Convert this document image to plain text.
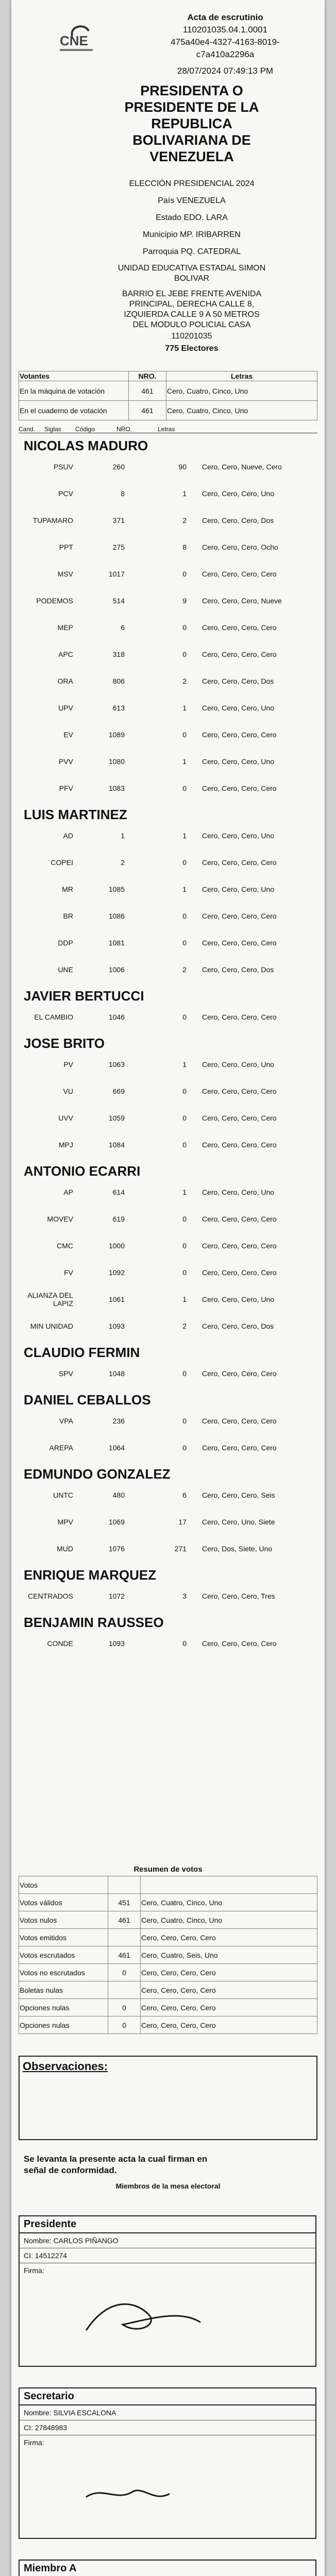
CNE
Acta de escrutinio
110201035.04.1.0001
475a40e4-4327-4163-8019-
c7a410a2296a
28/07/2024 07:49:13 PM
PRESIDENTA O
PRESIDENTE DE LA
REPUBLICA
BOLIVARIANA DE
VENEZUELA
ELECCIÓN PRESIDENCIAL 2024
País VENEZUELA
Estado EDO. LARA
Municipio MP. IRIBARREN
Parroquia PQ. CATEDRAL
UNIDAD EDUCATIVA ESTADAL SIMON
BOLIVAR
BARRIO EL JEBE FRENTE AVENIDA
PRINCIPAL, DERECHA CALLE 8,
IZQUIERDA CALLE 9 A 50 METROS
DEL MODULO POLICIAL CASA
110201035
775 Electores
Votantes	NRO.	Letras
En la máquina de votación	461	Cero, Cuatro, Cinco, Uno
En el cuaderno de votación	461	Cero, Cuatro, Cinco, Uno
Cand.	Siglas	Código	NRO.	Letras
NICOLAS MADURO
PSUV	260	90	Cero, Cero, Nueve, Cero
PCV	8	1	Cero, Cero, Cero, Uno
TUPAMARO	371	2	Cero, Cero, Cero, Dos
PPT	275	8	Cero, Cero, Cero, Ocho
MSV	1017	0	Cero, Cero, Cero, Cero
PODEMOS	514	9	Cero, Cero, Cero, Nueve
MEP	6	0	Cero, Cero, Cero, Cero
APC	318	0	Cero, Cero, Cero, Cero
ORA	806	2	Cero, Cero, Cero, Dos
UPV	613	1	Cero, Cero, Cero, Uno
EV	1089	0	Cero, Cero, Cero, Cero
PVV	1080	1	Cero, Cero, Cero, Uno
PFV	1083	0	Cero, Cero, Cero, Cero
LUIS MARTINEZ
AD	1	1	Cero, Cero, Cero, Uno
COPEI	2	0	Cero, Cero, Cero, Cero
MR	1085	1	Cero, Cero, Cero, Uno
BR	1086	0	Cero, Cero, Cero, Cero
DDP	1081	0	Cero, Cero, Cero, Cero
UNE	1006	2	Cero, Cero, Cero, Dos
JAVIER BERTUCCI
EL CAMBIO	1046	0	Cero, Cero, Cero, Cero
JOSE BRITO
PV	1063	1	Cero, Cero, Cero, Uno
VU	669	0	Cero, Cero, Cero, Cero
UVV	1059	0	Cero, Cero, Cero, Cero
MPJ	1084	0	Cero, Cero, Cero, Cero
ANTONIO ECARRI
AP	614	1	Cero, Cero, Cero, Uno
MOVEV	619	0	Cero, Cero, Cero, Cero
CMC	1000	0	Cero, Cero, Cero, Cero
FV	1092	0	Cero, Cero, Cero, Cero
ALIANZA DEL LAPIZ	1061	1	Cero, Cero, Cero, Uno
MIN UNIDAD	1093	2	Cero, Cero, Cero, Dos
CLAUDIO FERMIN
SPV	1048	0	Cero, Cero, Cero, Cero
DANIEL CEBALLOS
VPA	236	0	Cero, Cero, Cero, Cero
AREPA	1064	0	Cero, Cero, Cero, Cero
EDMUNDO GONZALEZ
UNTC	480	6	Cero, Cero, Cero, Seis
MPV	1069	17	Cero, Cero, Uno, Siete
MUD	1076	271	Cero, Dos, Siete, Uno
ENRIQUE MARQUEZ
CENTRADOS	1072	3	Cero, Cero, Cero, Tres
BENJAMIN RAUSSEO
CONDE	1093	0	Cero, Cero, Cero, Cero
Resumen de votos
Votos		
Votos válidos	451	Cero, Cuatro, Cinco, Uno
Votos nulos	461	Cero, Cuatro, Cinco, Uno
Votos emitidos		Cero, Cero, Cero, Cero
Votos escrutados	461	Cero, Cuatro, Seis, Uno
Votos no escrutados	0	Cero, Cero, Cero, Cero
Boletas nulas		Cero, Cero, Cero, Cero
Opciones nulas	0	Cero, Cero, Cero, Cero
Opciones nulas	0	Cero, Cero, Cero, Cero
Observaciones:
Se levanta la presente acta la cual firman en
señal de conformidad.
Miembros de la mesa electoral
Presidente
Nombre: CARLOS PIÑANGO
CI: 14512274
Firma:
Secretario
Nombre: SILVIA ESCALONA
CI: 27848983
Firma:
Miembro A
